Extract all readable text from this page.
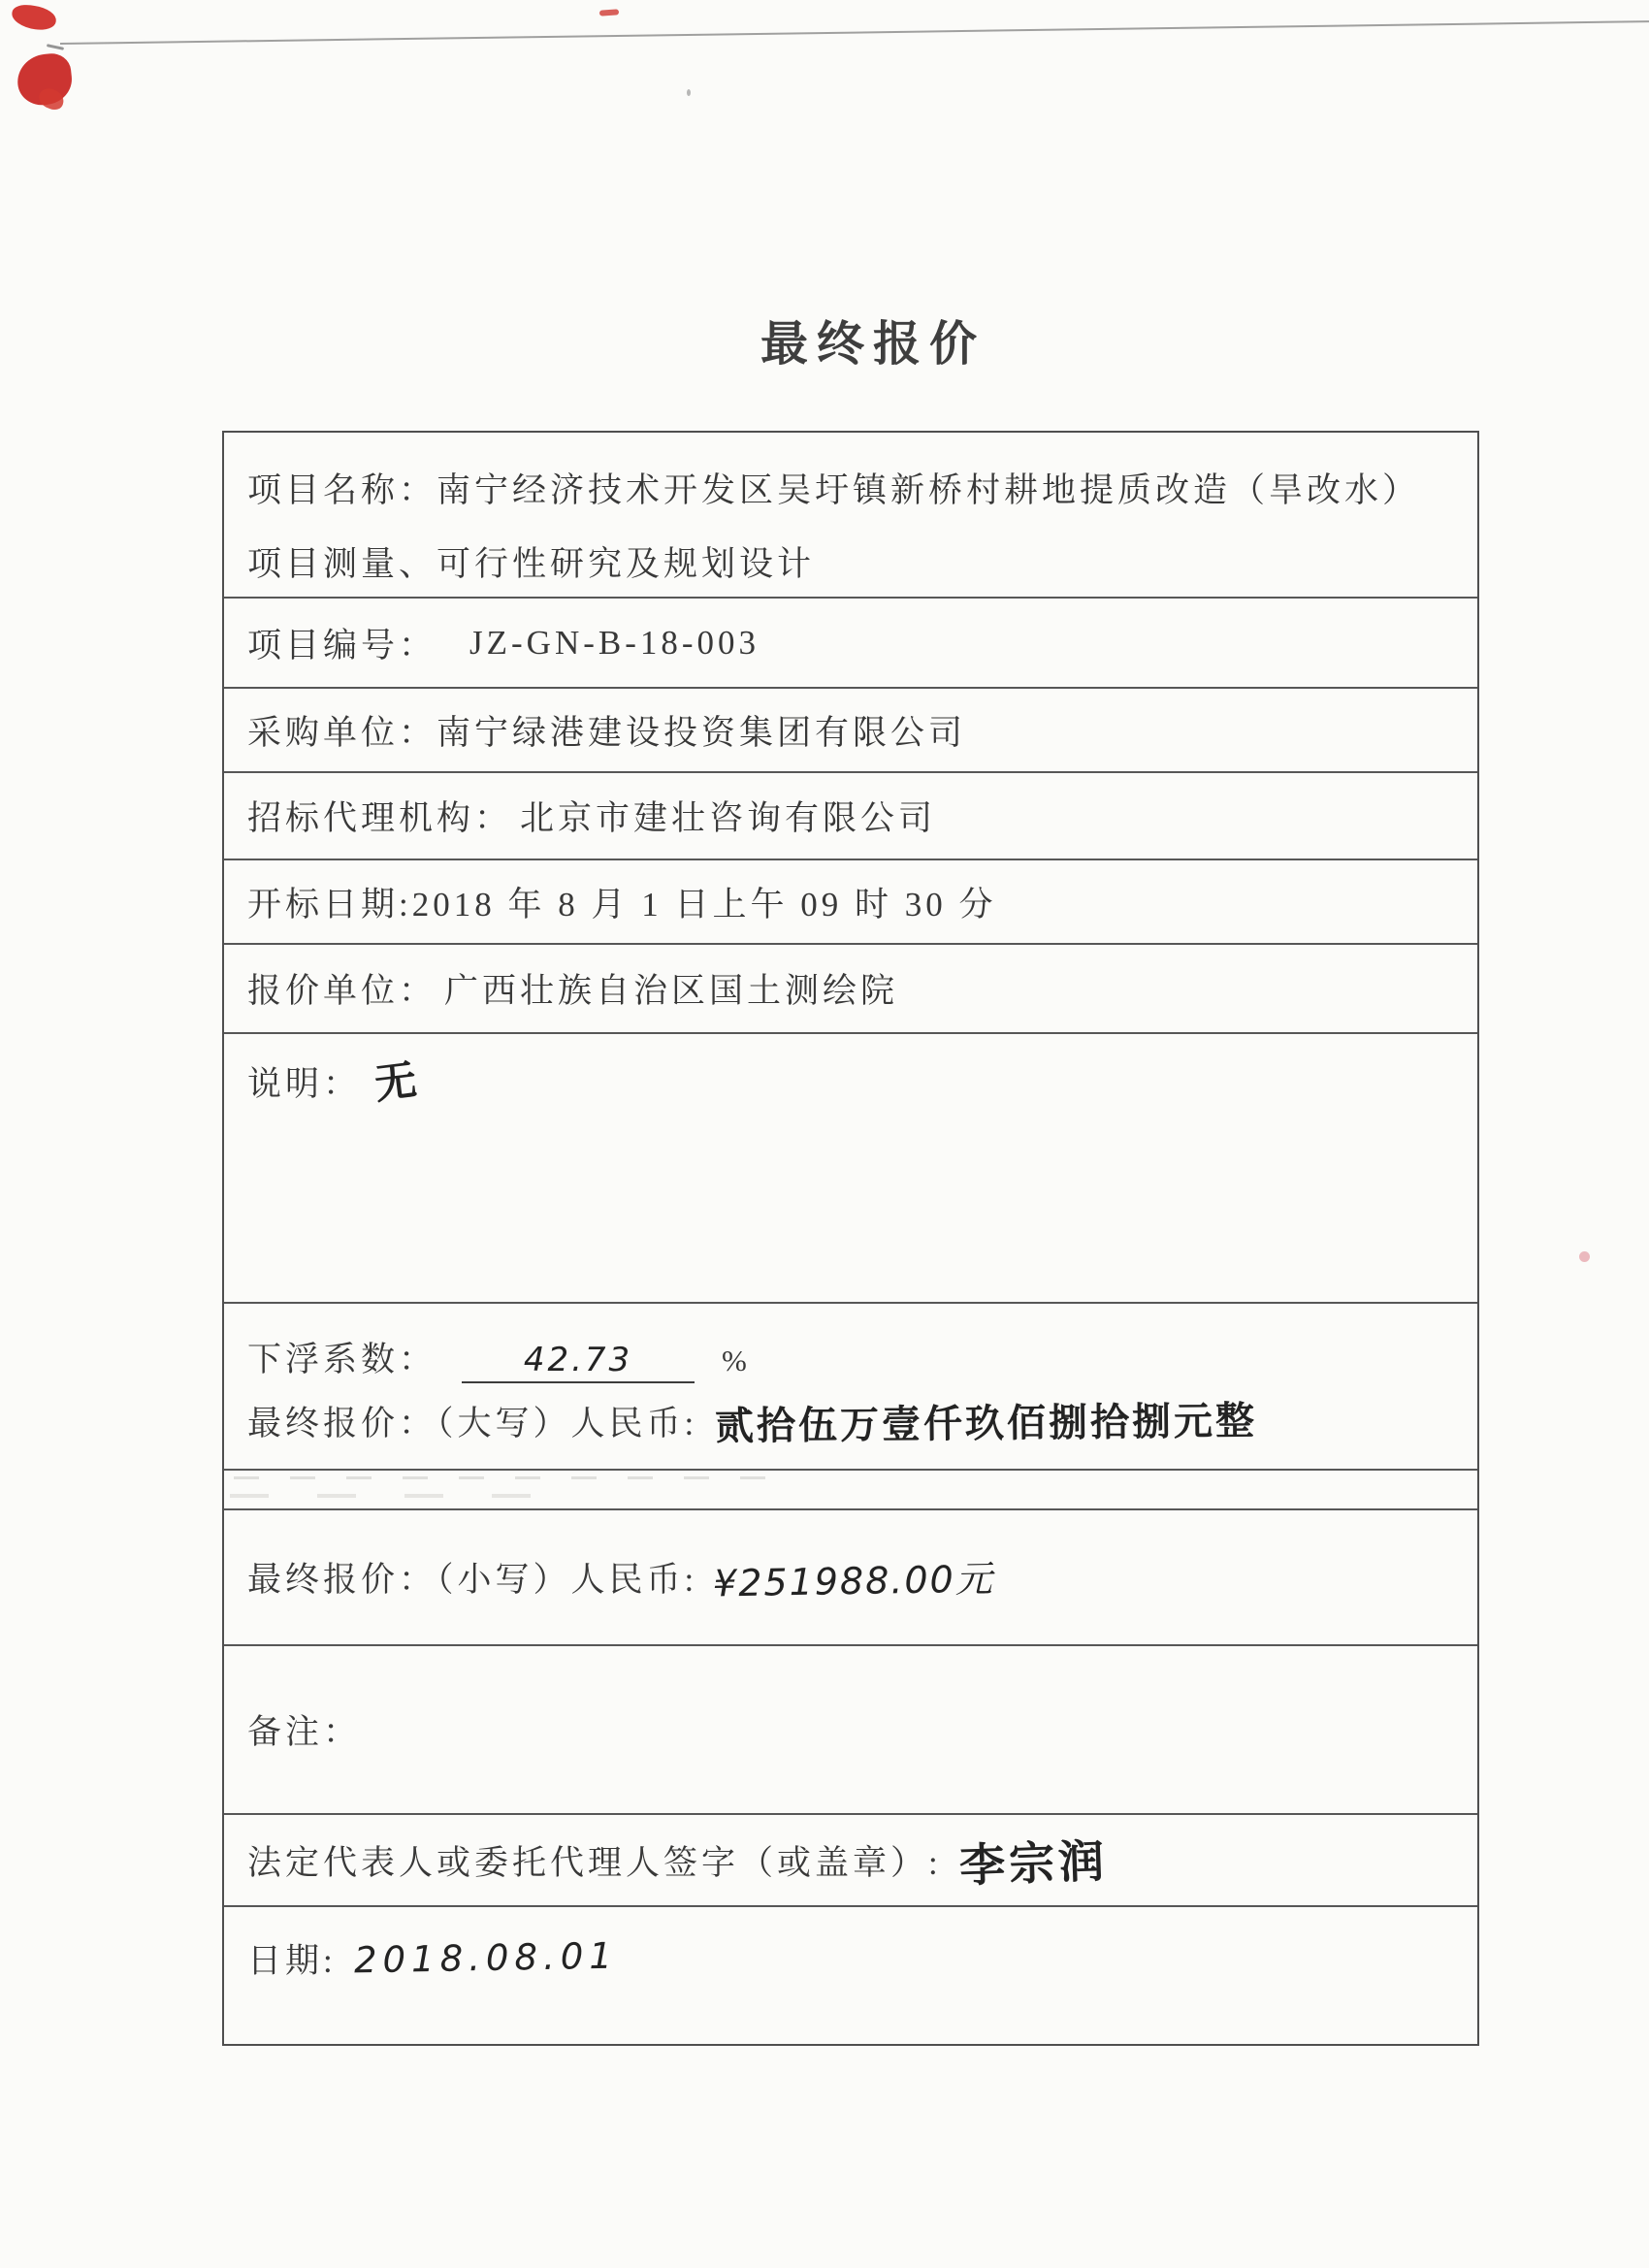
最终报价
项目名称：南宁经济技术开发区吴圩镇新桥村耕地提质改造（旱改水）
项目测量、可行性研究及规划设计
项目编号： JZ-GN-B-18-003
采购单位： 南宁绿港建设投资集团有限公司
招标代理机构： 北京市建壮咨询有限公司
开标日期: 2018 年 8 月 1 日上午 09 时 30 分
报价单位： 广西壮族自治区国土测绘院
说明： 无
下浮系数：	42.73	%
最终报价：（大写）人民币: 贰拾伍万壹仟玖佰捌拾捌元整
最终报价：（小写）人民币: ¥251988.00元
备注：
法定代表人或委托代理人签字（或盖章）: 李宗润
日期: 2018.08.01
